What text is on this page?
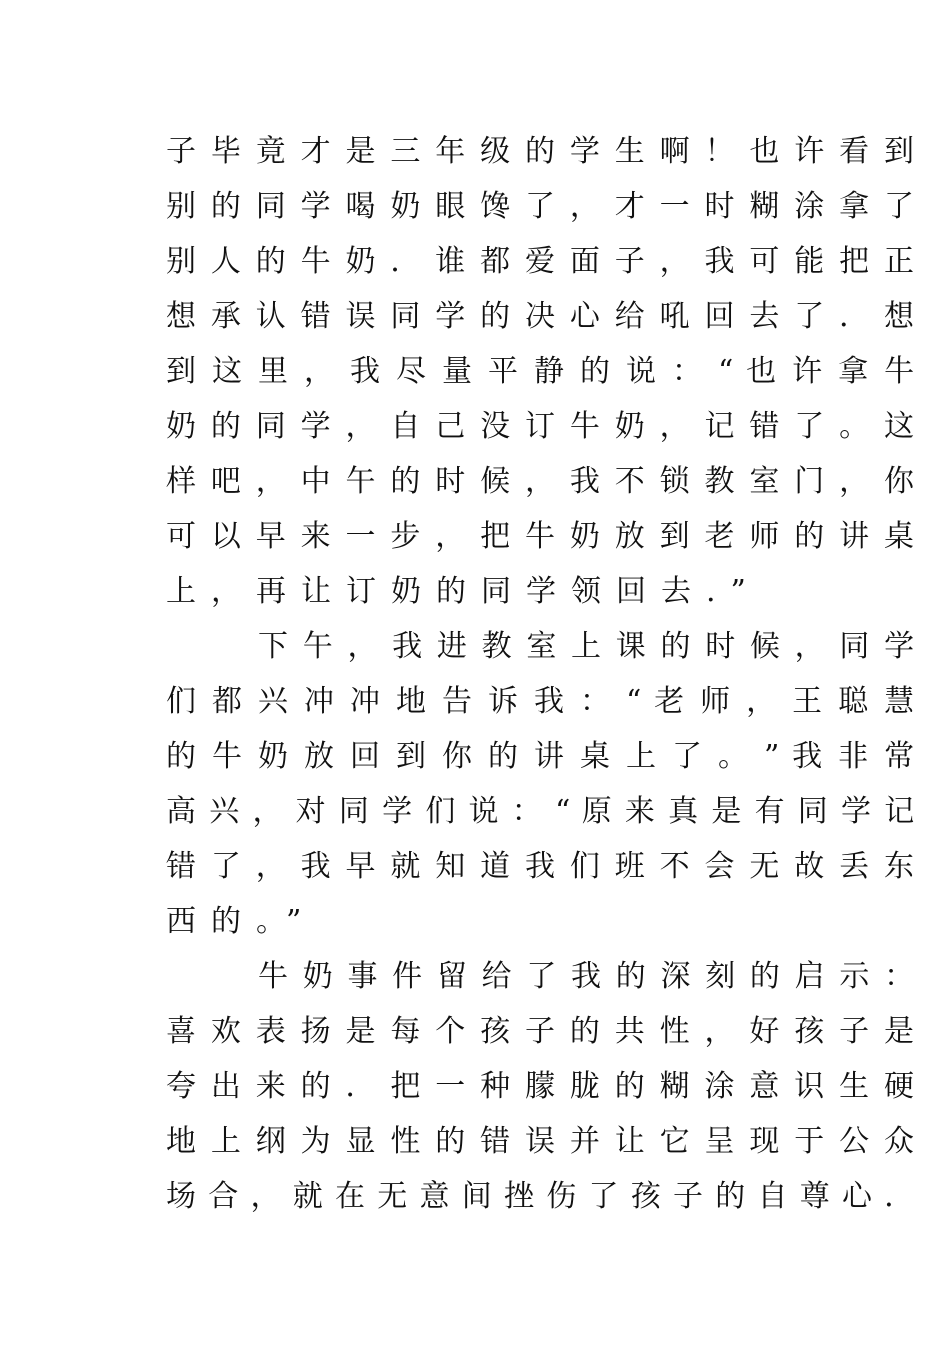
子 毕 竟 才 是 三 年 级 的 学 生 啊 ！ 也 许 看 到
别 的 同 学 喝 奶 眼 馋 了 ， 才 一 时 糊 涂 拿 了
别 人 的 牛 奶 ． 谁 都 爱 面 子 ， 我 可 能 把 正
想 承 认 错 误 同 学 的 决 心 给 吼 回 去 了 ． 想
到 这 里 ， 我 尽 量 平 静 的 说 ： “ 也 许 拿 牛
奶 的 同 学 ， 自 己 没 订 牛 奶 ， 记 错 了 。 这
样 吧 ， 中 午 的 时 候 ， 我 不 锁 教 室 门 ， 你
可 以 早 来 一 步 ， 把 牛 奶 放 到 老 师 的 讲 桌
上，再让订奶的同学领回去.”
下 午 ， 我 进 教 室 上 课 的 时 候 ， 同 学
们 都 兴 冲 冲 地 告 诉 我 ： “ 老 师 ， 王 聪 慧
的 牛 奶 放 回 到 你 的 讲 桌 上 了 。 ” 我 非 常
高 兴 ， 对 同 学 们 说 ： “ 原 来 真 是 有 同 学 记
错 了 ， 我 早 就 知 道 我 们 班 不 会 无 故 丢 东
西的。”
牛 奶 事 件 留 给 了 我 的 深 刻 的 启 示 ：
喜 欢 表 扬 是 每 个 孩 子 的 共 性 ， 好 孩 子 是
夸 出 来 的 ． 把 一 种 朦 胧 的 糊 涂 意 识 生 硬
地 上 纲 为 显 性 的 错 误 并 让 它 呈 现 于 公 众
场 合 ， 就 在 无 意 间 挫 伤 了 孩 子 的 自 尊 心 ．
